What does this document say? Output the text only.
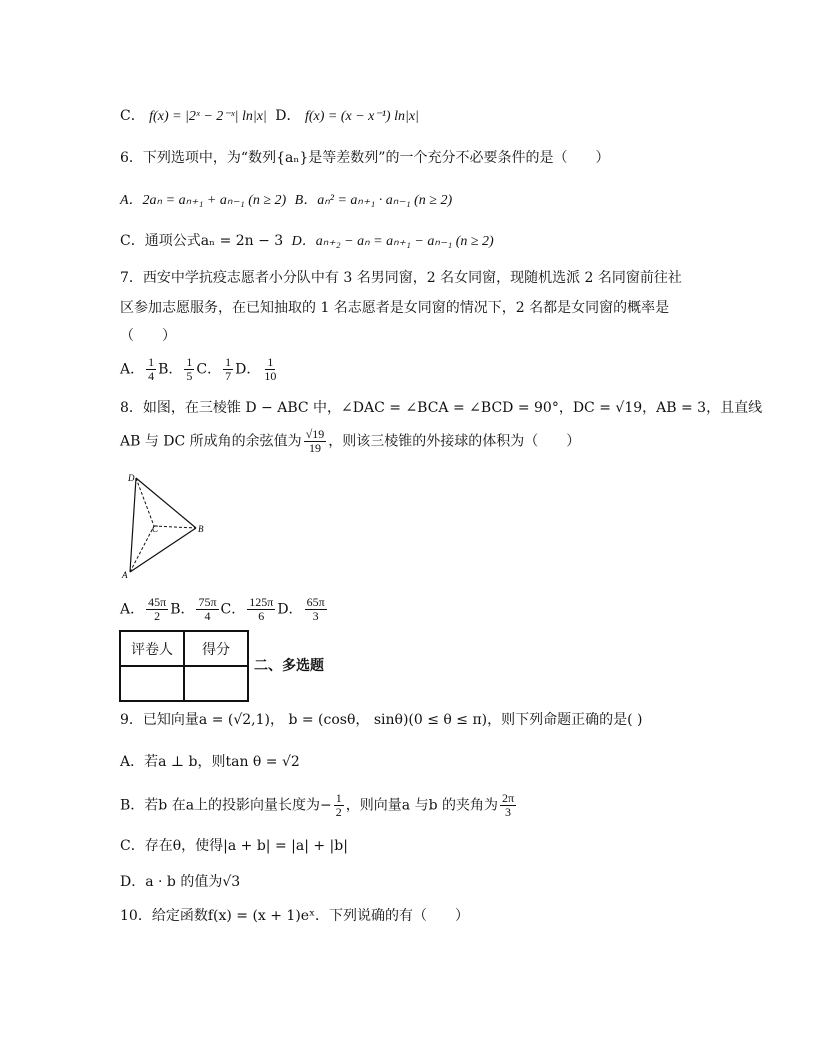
C． f(x) = |2ˣ − 2⁻ˣ| ln|x| D． f(x) = (x − x⁻¹) ln|x|
6．下列选项中，为“数列{aₙ}是等差数列”的一个充分不必要条件的是（　　）
A．2aₙ = aₙ₊₁ + aₙ₋₁ (n ≥ 2) B．aₙ² = aₙ₊₁ · aₙ₋₁ (n ≥ 2)
C．通项公式aₙ = 2n − 3 D．aₙ₊₂ − aₙ = aₙ₊₁ − aₙ₋₁ (n ≥ 2)
7．西安中学抗疫志愿者小分队中有 3 名男同窗，2 名女同窗，现随机选派 2 名同窗前往社
区参加志愿服务，在已知抽取的 1 名志愿者是女同窗的情况下，2 名都是女同窗的概率是
（　　）
A． $\frac{1}{4}$ B． $\frac{1}{5}$ C． $\frac{1}{7}$ D． $\frac{1}{10}$
8．如图，在三棱锥 D − ABC 中，∠DAC = ∠BCA = ∠BCD = 90°，DC = √19，AB = 3，且直线
AB 与 DC 所成角的余弦值为 $\frac{√19}{19}$ ，则该三棱锥的外接球的体积为（　　）
D
C	B
A
A． $\frac{45\pi}{2}$ B． $\frac{75\pi}{4}$ C． $\frac{125\pi}{6}$ D． $\frac{65\pi}{3}$
评卷人	得分

二、多选题
9．已知向量a = (√2,1)， b = (cosθ， sinθ)(0 ≤ θ ≤ π)，则下列命题正确的是( )
A．若a ⊥ b，则tan θ = √2
B．若b 在a上的投影向量长度为− $\frac{1}{2}$ ，则向量a 与b 的夹角为 $\frac{2\pi}{3}$
C．存在θ，使得|a + b| = |a| + |b|
D．a · b 的值为√3
10．给定函数f(x) = (x + 1)eˣ．下列说确的有（　　）
